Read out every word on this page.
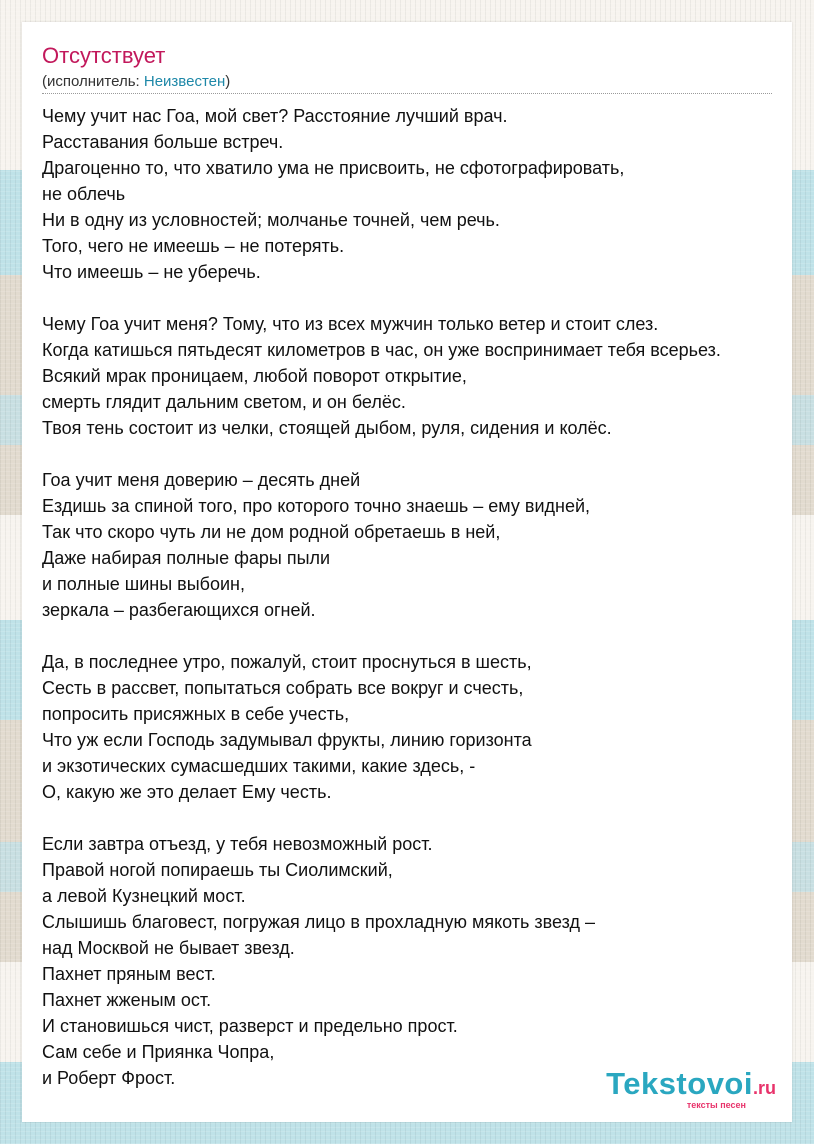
Отсутствует
(исполнитель: Неизвестен)
Чему учит нас Гоа, мой свет? Расстояние лучший врач.
Расставания больше встреч.
Драгоценно то, что хватило ума не присвоить, не сфотографировать,
не облечь
Ни в одну из условностей; молчанье точней, чем речь.
Того, чего не имеешь – не потерять.
Что имеешь – не уберечь.
Чему Гоа учит меня? Тому, что из всех мужчин только ветер и стоит слез.
Когда катишься пятьдесят километров в час, он уже воспринимает тебя всерьез.
Всякий мрак проницаем, любой поворот открытие,
смерть глядит дальним светом, и он белёс.
Твоя тень состоит из челки, стоящей дыбом, руля, сидения и колёс.
Гоа учит меня доверию – десять дней
Ездишь за спиной того, про которого точно знаешь – ему видней,
Так что скоро чуть ли не дом родной обретаешь в ней,
Даже набирая полные фары пыли
и полные шины выбоин,
зеркала – разбегающихся огней.
Да, в последнее утро, пожалуй, стоит проснуться в шесть,
Сесть в рассвет, попытаться собрать все вокруг и счесть,
попросить присяжных в себе учесть,
Что уж если Господь задумывал фрукты, линию горизонта
и экзотических сумасшедших такими, какие здесь, -
О, какую же это делает Ему честь.
Если завтра отъезд, у тебя невозможный рост.
Правой ногой попираешь ты Сиолимский,
а левой Кузнецкий мост.
Слышишь благовест, погружая лицо в прохладную мякоть звезд –
над Москвой не бывает звезд.
Пахнет пряным вест.
Пахнет жженым ост.
И становишься чист, разверст и предельно прост.
Сам себе и Приянка Чопра,
и Роберт Фрост.	Tekstovoi.ru
тексты песен
